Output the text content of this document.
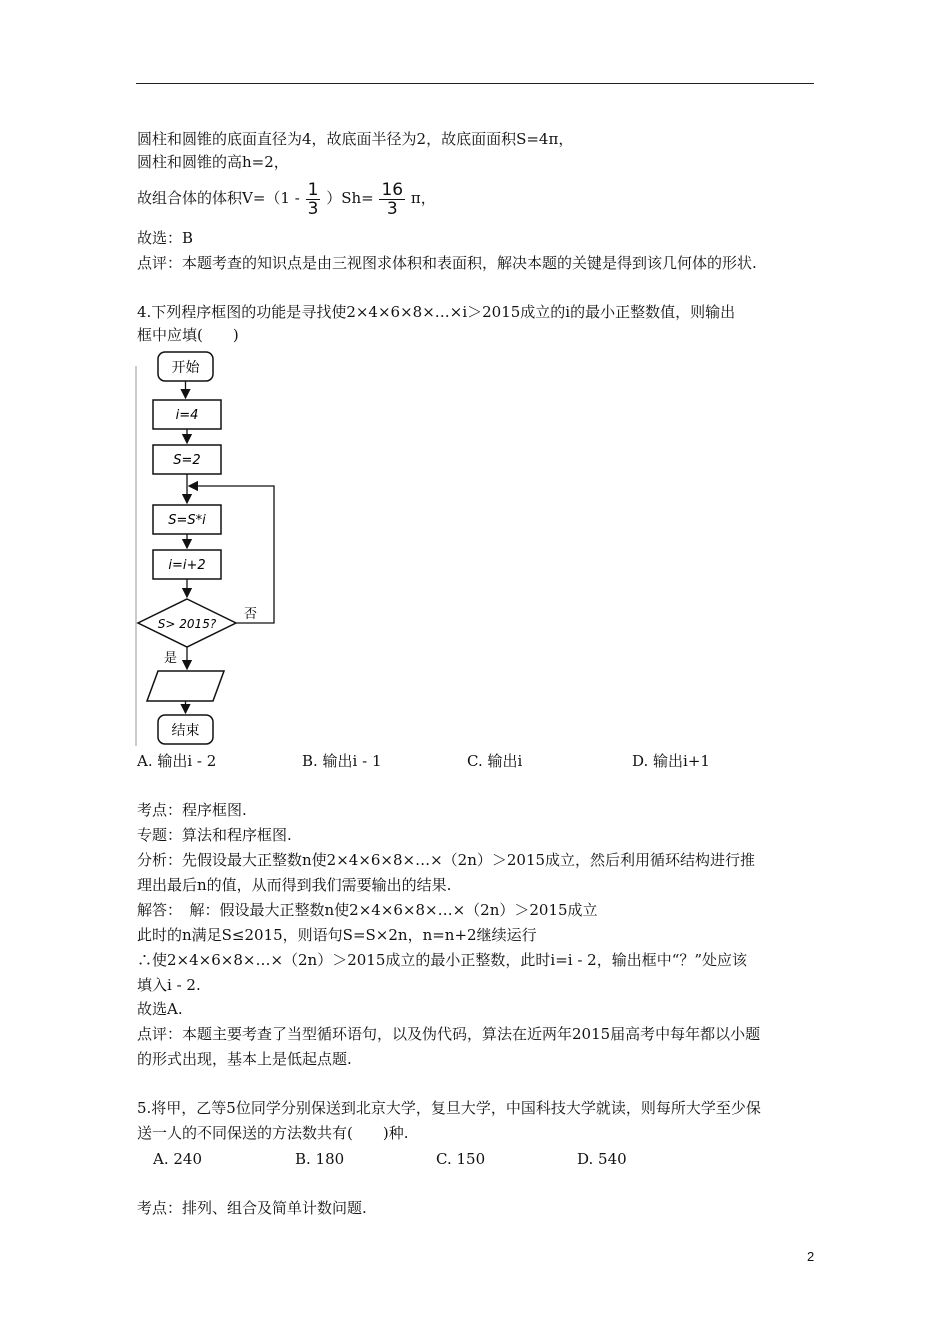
圆柱和圆锥的底面直径为4，故底面半径为2，故底面面积S=4π，
圆柱和圆锥的高h=2，
故组合体的体积$V=(1 - \frac{1}{3} )Sh= \frac{16}{3}$ π，
故选：B
点评：本题考查的知识点是由三视图求体积和表面积，解决本题的关键是得到该几何体的形状.
4.下列程序框图的功能是寻找使2×4×6×8×…×i＞2015成立的i的最小正整数值，则输出
框中应填(　　)
开始
i=4
S=2
S=S*i
i=i+2
S> 2015?
否
是
结束
A. 输出i - 2	B. 输出i - 1	C. 输出i	D. 输出i+1
考点：程序框图.
专题：算法和程序框图.
分析：先假设最大正整数n使2×4×6×8×…×（2n）＞2015成立，然后利用循环结构进行推
理出最后n的值，从而得到我们需要输出的结果.
解答：　解：假设最大正整数n使2×4×6×8×…×（2n）＞2015成立
此时的n满足S≤2015，则语句S=S×2n，n=n+2继续运行
∴使2×4×6×8×…×（2n）＞2015成立的最小正整数，此时i=i - 2，输出框中“？”处应该
填入i - 2.
故选A.
点评：本题主要考查了当型循环语句，以及伪代码，算法在近两年2015届高考中每年都以小题
的形式出现，基本上是低起点题.
5.将甲，乙等5位同学分别保送到北京大学，复旦大学，中国科技大学就读，则每所大学至少保
送一人的不同保送的方法数共有(　　)种.
A. 240	B. 180	C. 150	D. 540
考点：排列、组合及简单计数问题.
2
